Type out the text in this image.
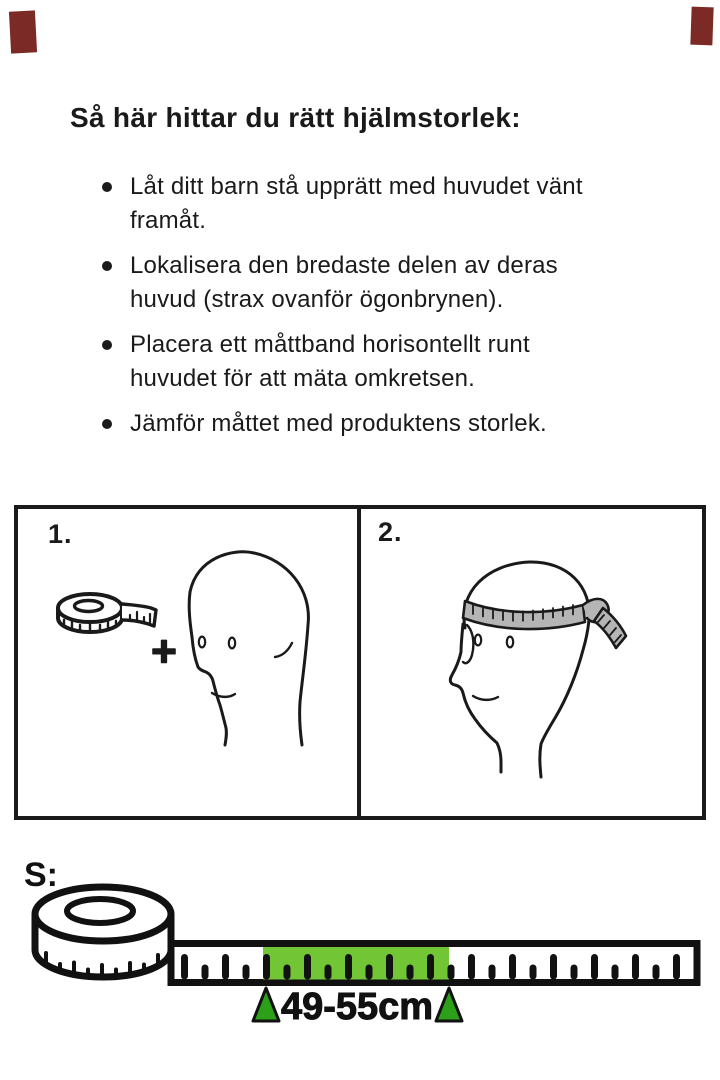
Så här hittar du rätt hjälmstorlek:
Låt ditt barn stå upprätt med huvudet vänt framåt.
Lokalisera den bredaste delen av deras huvud (strax ovanför ögonbrynen).
Placera ett måttband horisontellt runt huvudet för att mäta omkretsen.
Jämför måttet med produktens storlek.
1.	2.
+
S:
49-55cm
